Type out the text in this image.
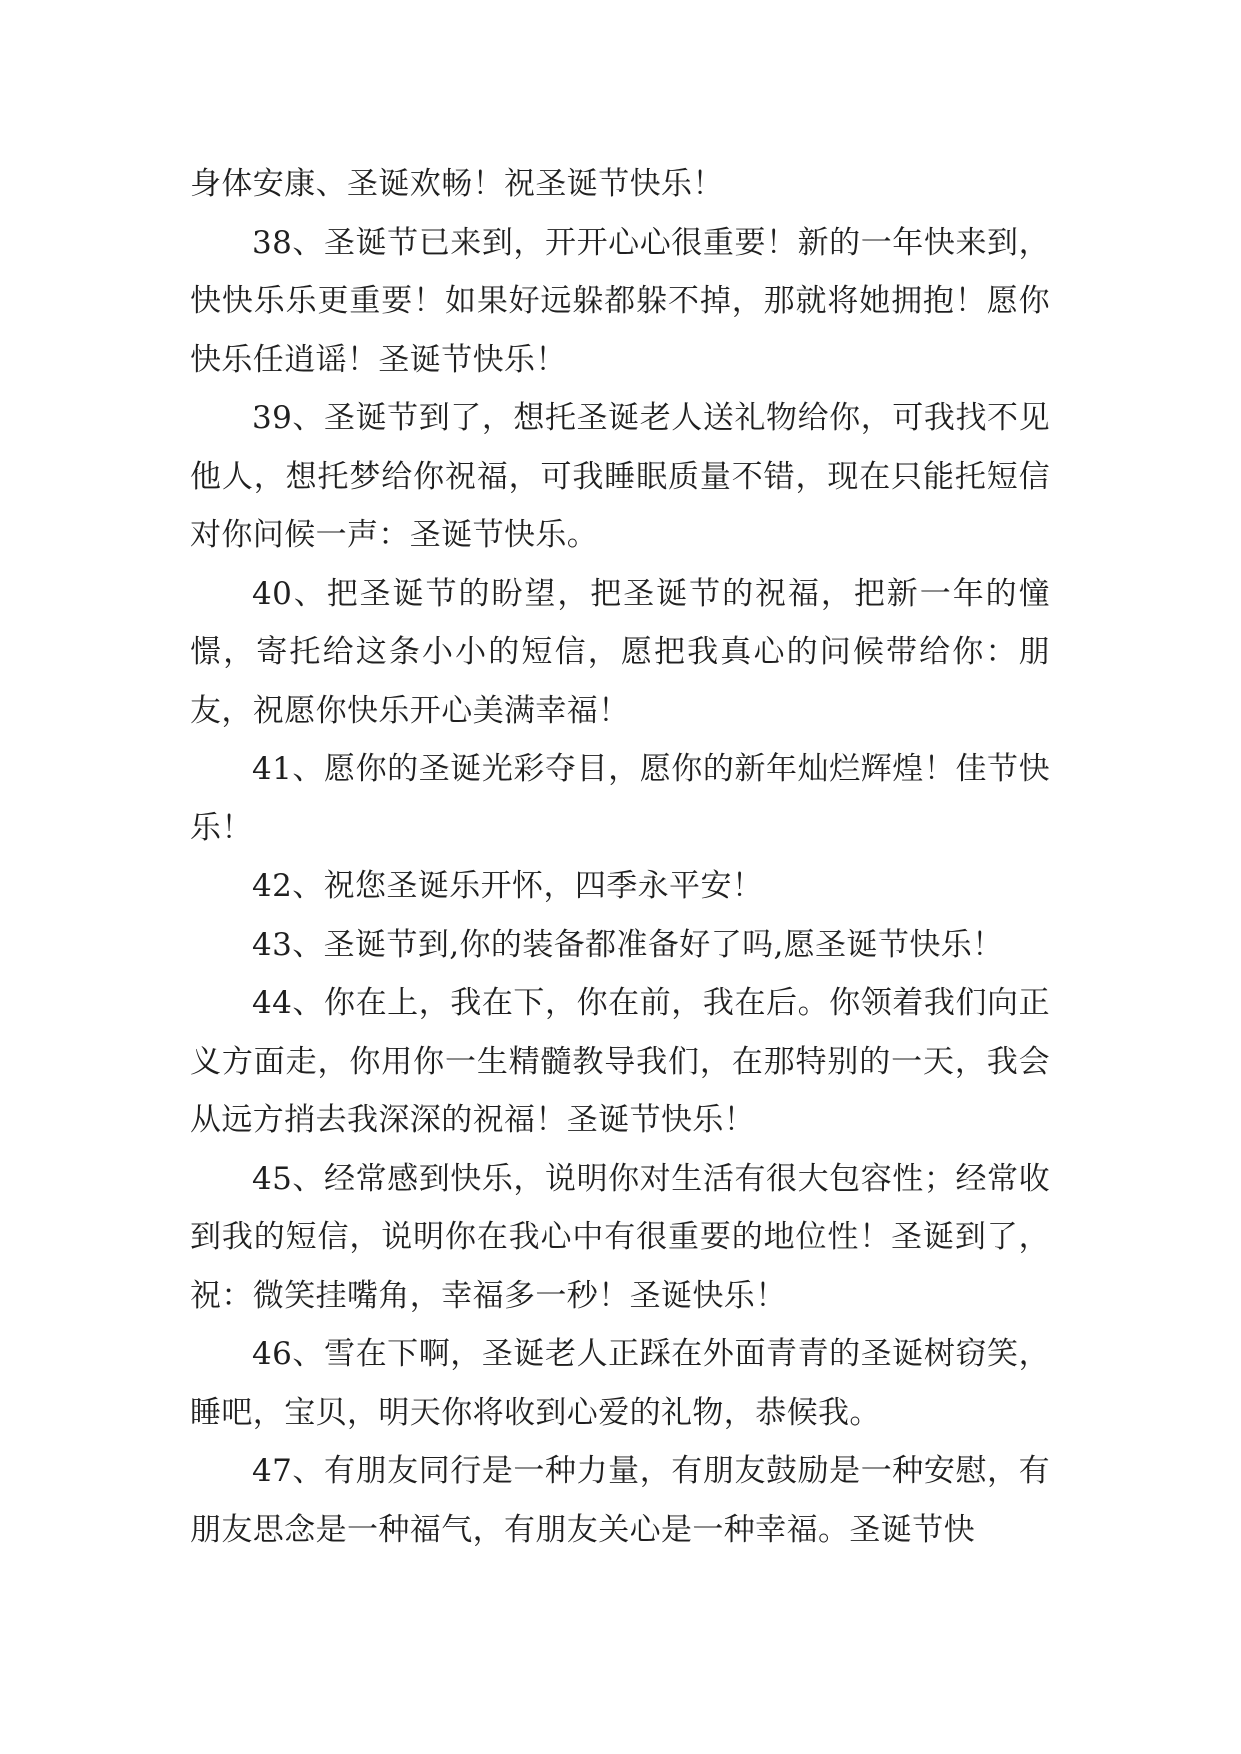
身体安康、圣诞欢畅！祝圣诞节快乐！

38、圣诞节已来到，开开心心很重要！新的一年快来到，快快乐乐更重要！如果好远躲都躲不掉，那就将她拥抱！愿你快乐任逍谣！圣诞节快乐！

39、圣诞节到了，想托圣诞老人送礼物给你，可我找不见他人，想托梦给你祝福，可我睡眠质量不错，现在只能托短信对你问候一声：圣诞节快乐。

40、把圣诞节的盼望，把圣诞节的祝福，把新一年的憧憬，寄托给这条小小的短信，愿把我真心的问候带给你：朋友，祝愿你快乐开心美满幸福！

41、愿你的圣诞光彩夺目，愿你的新年灿烂辉煌！佳节快乐！

42、祝您圣诞乐开怀，四季永平安！

43、圣诞节到,你的装备都准备好了吗,愿圣诞节快乐！

44、你在上，我在下，你在前，我在后。你领着我们向正义方面走，你用你一生精髓教导我们，在那特别的一天，我会从远方捎去我深深的祝福！圣诞节快乐！

45、经常感到快乐，说明你对生活有很大包容性；经常收到我的短信，说明你在我心中有很重要的地位性！圣诞到了，祝：微笑挂嘴角，幸福多一秒！圣诞快乐！

46、雪在下啊，圣诞老人正踩在外面青青的圣诞树窃笑，睡吧，宝贝，明天你将收到心爱的礼物，恭候我。

47、有朋友同行是一种力量，有朋友鼓励是一种安慰，有朋友思念是一种福气，有朋友关心是一种幸福。圣诞节快
